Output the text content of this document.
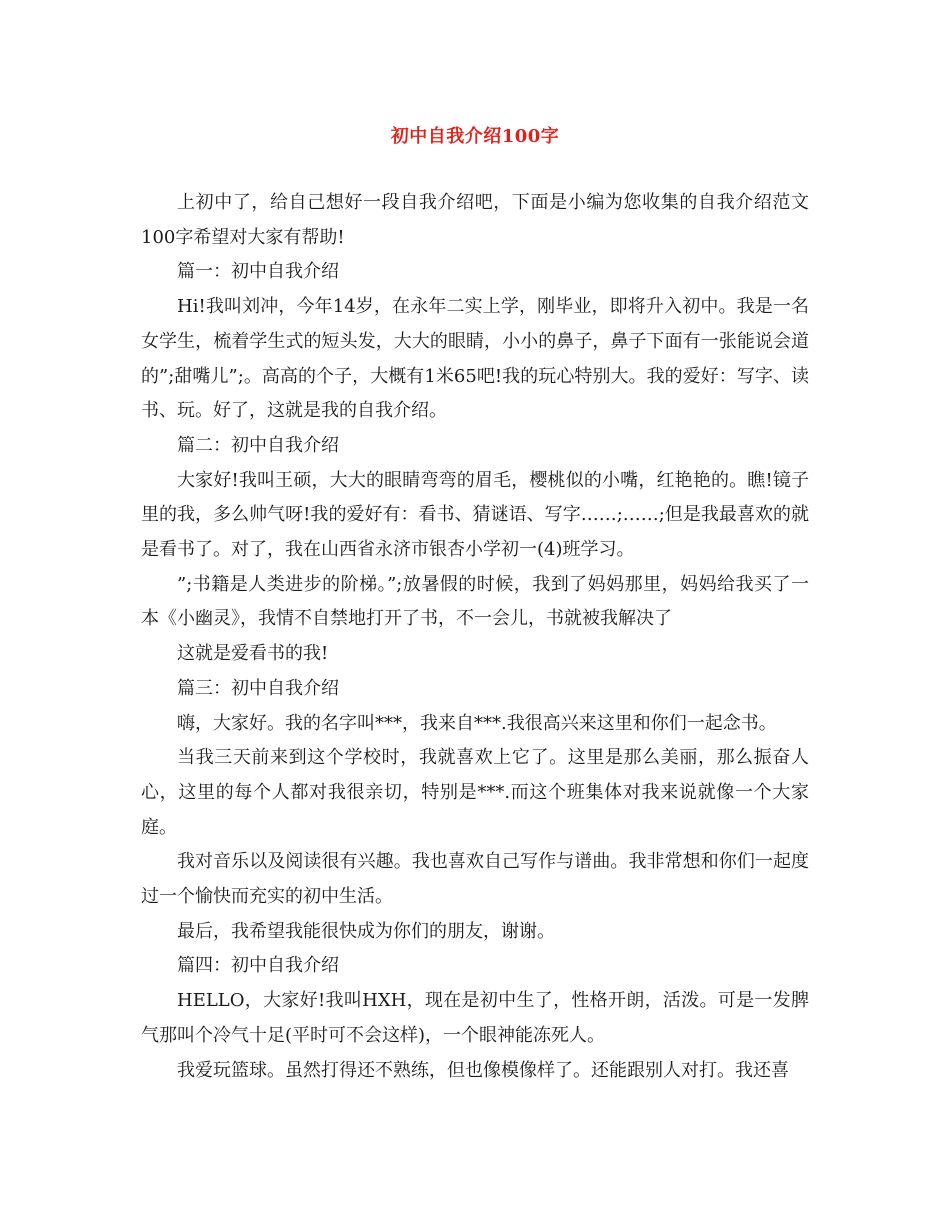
初中自我介绍100字

上初中了，给自己想好一段自我介绍吧，下面是小编为您收集的自我介绍范文100字希望对大家有帮助!

篇一：初中自我介绍

Hi!我叫刘冲，今年14岁，在永年二实上学，刚毕业，即将升入初中。我是一名女学生，梳着学生式的短头发，大大的眼睛，小小的鼻子，鼻子下面有一张能说会道的”;甜嘴儿”;。高高的个子，大概有1米65吧!我的玩心特别大。我的爱好：写字、读书、玩。好了，这就是我的自我介绍。

篇二：初中自我介绍

大家好!我叫王硕，大大的眼睛弯弯的眉毛，樱桃似的小嘴，红艳艳的。瞧!镜子里的我，多么帅气呀!我的爱好有：看书、猜谜语、写字……;……;但是我最喜欢的就是看书了。对了，我在山西省永济市银杏小学初一(4)班学习。

”;书籍是人类进步的阶梯。”;放暑假的时候，我到了妈妈那里，妈妈给我买了一本《小幽灵》，我情不自禁地打开了书，不一会儿，书就被我解决了

这就是爱看书的我!

篇三：初中自我介绍

嗨，大家好。我的名字叫***，我来自***.我很高兴来这里和你们一起念书。

当我三天前来到这个学校时，我就喜欢上它了。这里是那么美丽，那么振奋人心，这里的每个人都对我很亲切，特别是***.而这个班集体对我来说就像一个大家庭。

我对音乐以及阅读很有兴趣。我也喜欢自己写作与谱曲。我非常想和你们一起度过一个愉快而充实的初中生活。

最后，我希望我能很快成为你们的朋友，谢谢。

篇四：初中自我介绍

HELLO，大家好!我叫HXH，现在是初中生了，性格开朗，活泼。可是一发脾气那叫个冷气十足(平时可不会这样)，一个眼神能冻死人。

我爱玩篮球。虽然打得还不熟练，但也像模像样了。还能跟别人对打。我还喜
